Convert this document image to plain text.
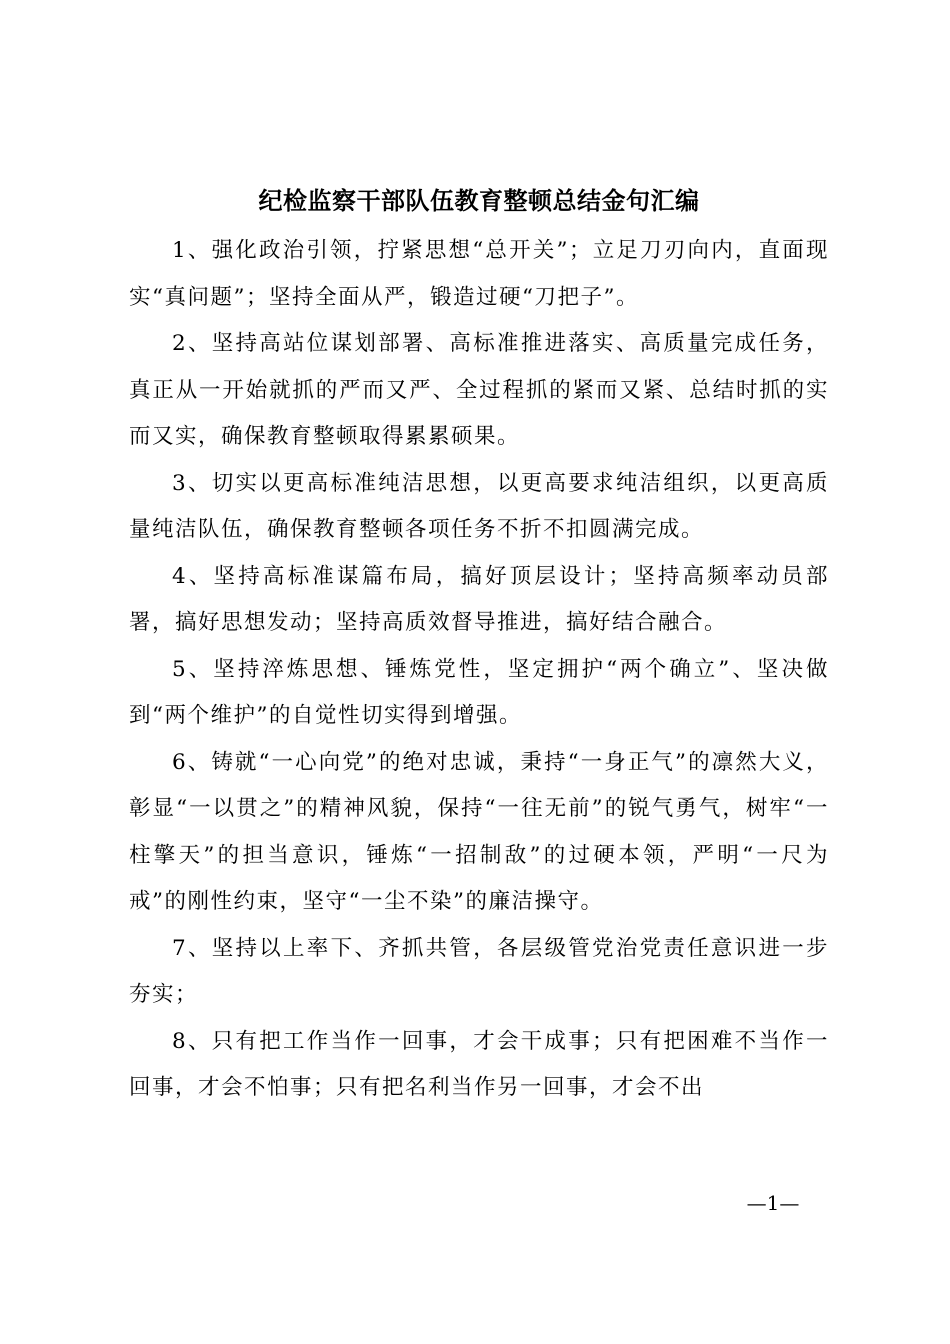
纪检监察干部队伍教育整顿总结金句汇编

1、强化政治引领，拧紧思想“总开关”；立足刀刃向内，直面现实“真问题”；坚持全面从严，锻造过硬“刀把子”。

2、坚持高站位谋划部署、高标准推进落实、高质量完成任务，真正从一开始就抓的严而又严、全过程抓的紧而又紧、总结时抓的实而又实，确保教育整顿取得累累硕果。

3、切实以更高标准纯洁思想，以更高要求纯洁组织，以更高质量纯洁队伍，确保教育整顿各项任务不折不扣圆满完成。

4、坚持高标准谋篇布局，搞好顶层设计；坚持高频率动员部署，搞好思想发动；坚持高质效督导推进，搞好结合融合。

5、坚持淬炼思想、锤炼党性，坚定拥护“两个确立”、坚决做到“两个维护”的自觉性切实得到增强。

6、铸就“一心向党”的绝对忠诚，秉持“一身正气”的凛然大义，彰显“一以贯之”的精神风貌，保持“一往无前”的锐气勇气，树牢“一柱擎天”的担当意识，锤炼“一招制敌”的过硬本领，严明“一尺为戒”的刚性约束，坚守“一尘不染”的廉洁操守。

7、坚持以上率下、齐抓共管，各层级管党治党责任意识进一步夯实；

8、只有把工作当作一回事，才会干成事；只有把困难不当作一回事，才会不怕事；只有把名利当作另一回事，才会不出

—1—
